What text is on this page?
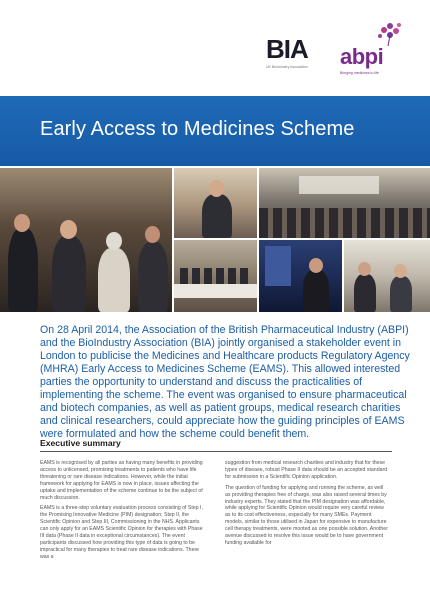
BIA
UK BioIndustry Association	abpi
Bringing medicines to life
Early Access to Medicines Scheme

On 28 April 2014, the Association of the British Pharmaceutical Industry (ABPI) and the BioIndustry Association (BIA) jointly organised a stakeholder event in London to publicise the Medicines and Healthcare products Regulatory Agency (MHRA) Early Access to Medicines Scheme (EAMS). This allowed interested parties the opportunity to understand and discuss the practicalities of implementing the scheme. The event was organised to ensure pharmaceutical and biotech companies, as well as patient groups, medical research charities and clinical researchers, could appreciate how the guiding principles of EAMS were formulated and how the scheme could benefit them.

Executive summary

EAMS is recognised by all parties as having many benefits in providing access to unlicensed, promising treatments to patients who have life threatening or rare disease indications. However, while the initial framework for applying for EAMS is now in place, issues affecting the uptake and implementation of the scheme continue to be the subject of much discussion.

EAMS is a three-step voluntary evaluation process consisting of Step I, the Promising Innovative Medicine (PIM) designation; Step II, the Scientific Opinion and Step III, Commissioning in the NHS. Applicants can only apply for an EAMS Scientific Opinion for therapies with Phase III data (Phase II data in exceptional circumstances). The event participants discussed how providing this type of data is going to be impractical for many therapies to treat rare disease indications. There was a

suggestion from medical research charities and industry that for these types of disease, robust Phase II data should be an accepted standard for submission in a Scientific Opinion application.

The question of funding for applying and running the scheme, as well as providing therapies free of charge, was also raised several times by industry experts. They stated that the PIM designation was affordable, while applying for Scientific Opinion would require very careful review as to its cost effectiveness, especially for many SMEs. Payment models, similar to those utilised in Japan for expensive to manufacture cell therapy treatments, were mooted as one possible solution. Another avenue discussed to resolve this issue would be to have government funding available for
